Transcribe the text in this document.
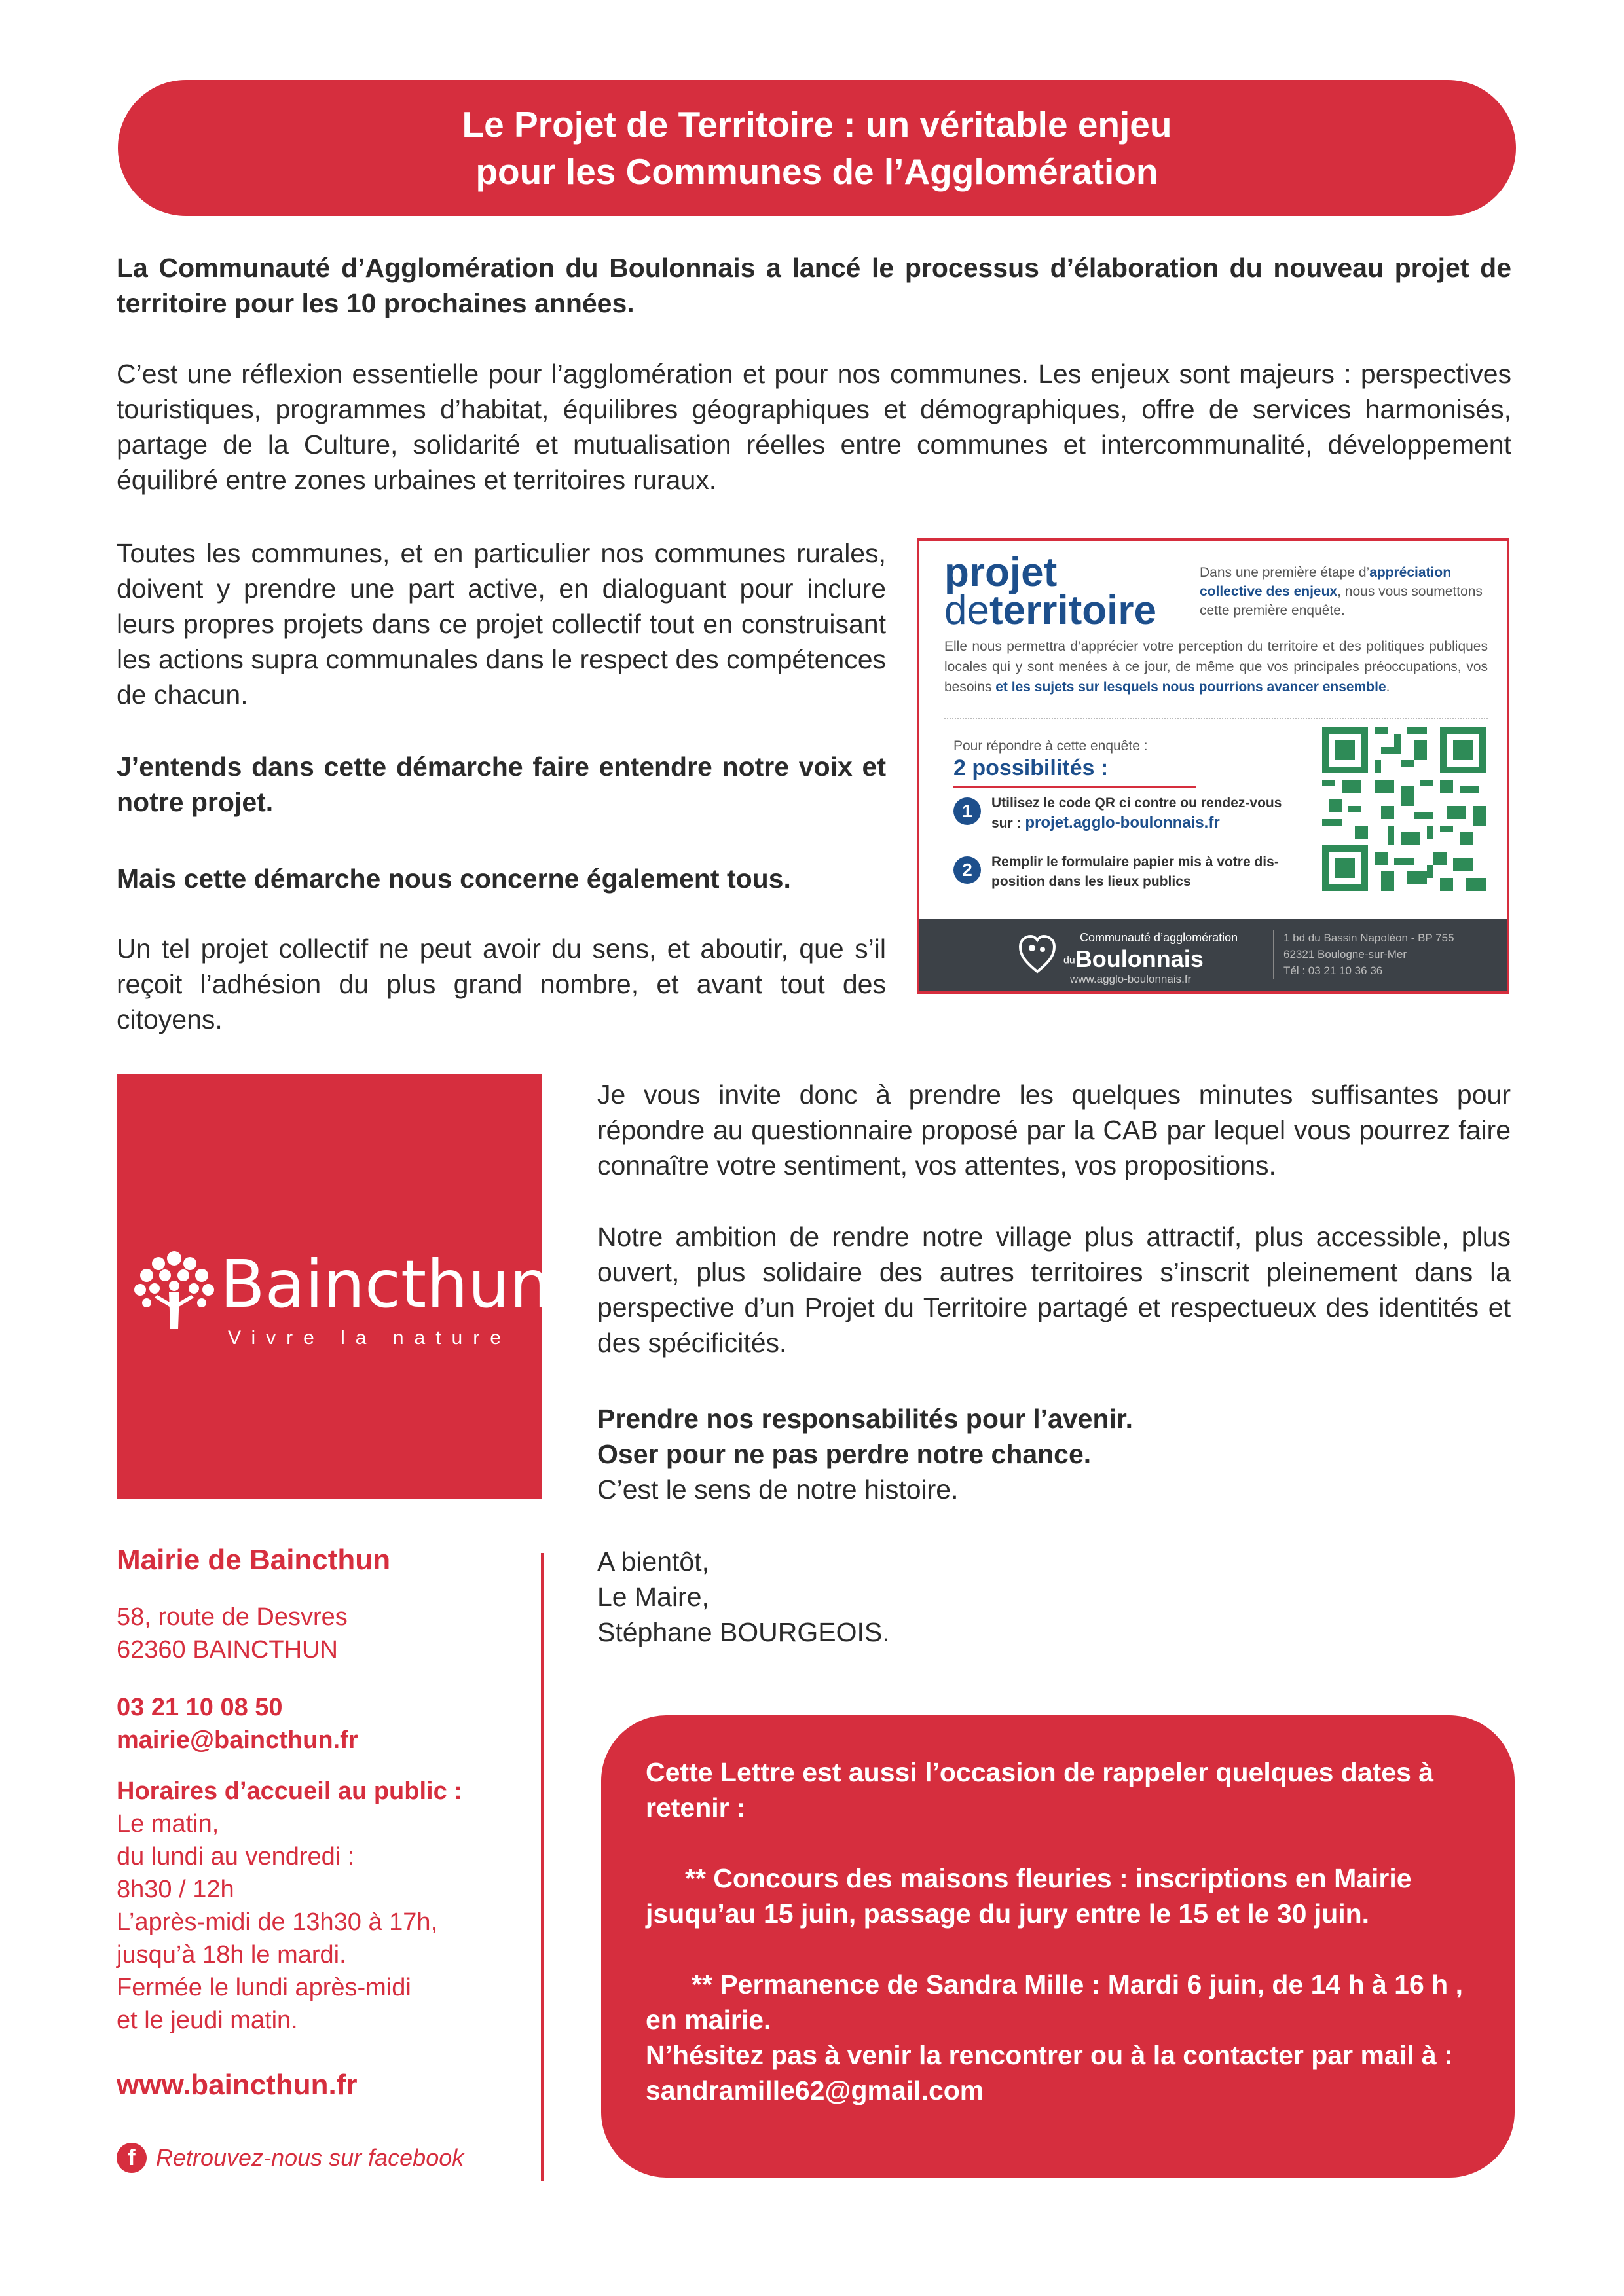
Le Projet de Territoire : un véritable enjeu
pour les Communes de l’Agglomération
La Communauté d’Agglomération du Boulonnais a lancé le processus d’élaboration du nouveau projet de territoire pour les 10 prochaines années.
C’est une réflexion essentielle pour l’agglomération et pour nos communes. Les enjeux sont majeurs : perspectives touristiques, programmes d’habitat, équilibres géographiques et démographiques, offre de services harmonisés, partage de la Culture, solidarité et mutualisation réelles entre communes et intercommunalité, développement équilibré entre zones urbaines et territoires ruraux.
Toutes les communes, et en particulier nos communes rurales, doivent y prendre une part active, en dialoguant pour inclure leurs propres projets dans ce projet collectif tout en construisant les actions supra communales dans le respect des compétences de chacun.
J’entends dans cette démarche faire entendre notre voix et notre projet.
Mais cette démarche nous concerne également tous.
Un tel projet collectif ne peut avoir du sens, et aboutir, que s’il reçoit l’adhésion du plus grand nombre, et avant tout des citoyens.
projet
deterritoire
Dans une première étape d’appréciation collective des enjeux, nous vous soumettons cette première enquête.
Elle nous permettra d’apprécier votre perception du territoire et des politiques publiques locales qui y sont menées à ce jour, de même que vos principales préoccupations, vos besoins et les sujets sur lesquels nous pourrions avancer ensemble.
Pour répondre à cette enquête :
2 possibilités :
1	Utilisez le code QR ci contre ou rendez-vous
sur : projet.agglo-boulonnais.fr
2	Remplir le formulaire papier mis à votre dis-
position dans les lieux publics
Communauté d’agglomération
duBoulonnais
www.agglo-boulonnais.fr
1 bd du Bassin Napoléon - BP 755
62321 Boulogne-sur-Mer
Tél : 03 21 10 36 36
Baincthun
Vivre la nature
Je vous invite donc à prendre les quelques minutes suffisantes pour répondre au questionnaire proposé par la CAB par lequel vous pourrez faire connaître votre sentiment, vos attentes, vos propositions.
Notre ambition de rendre notre village plus attractif, plus accessible, plus ouvert, plus solidaire des autres territoires s’inscrit pleinement dans la perspective d’un Projet du Territoire partagé et respectueux des identités et des spécificités.
Prendre nos responsabilités pour l’avenir.
Oser pour ne pas perdre notre chance.
C’est le sens de notre histoire.
A bientôt,
Le Maire,
Stéphane BOURGEOIS.
Mairie de Baincthun
58, route de Desvres
62360 BAINCTHUN
03 21 10 08 50
mairie@baincthun.fr
Horaires d’accueil au public :
Le matin,
du lundi au vendredi :
8h30 / 12h
L’après-midi de 13h30 à 17h,
jusqu’à 18h le mardi.
Fermée le lundi après-midi
et le jeudi matin.
www.baincthun.fr
f Retrouvez-nous sur facebook
Cette Lettre est aussi l’occasion de rappeler quelques dates à retenir :
** Concours des maisons fleuries : inscriptions en Mairie jsuqu’au 15 juin, passage du jury entre le 15 et le 30 juin.
** Permanence de Sandra Mille : Mardi 6 juin, de 14 h à 16 h , en mairie.
N’hésitez pas à venir la rencontrer ou à la contacter par mail à : sandramille62@gmail.com
